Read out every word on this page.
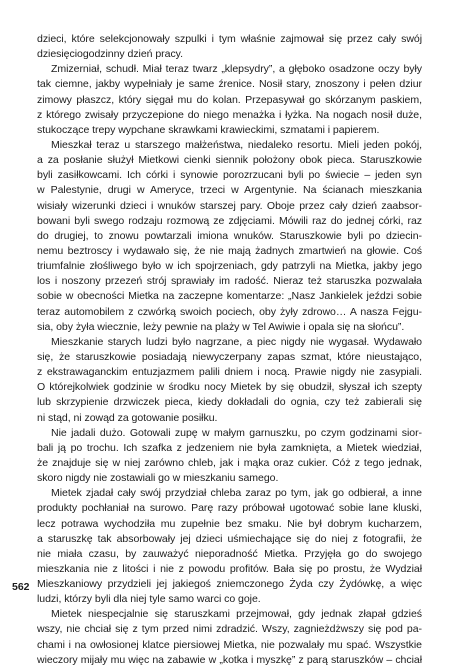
dzieci, które selekcjonowały szpulki i tym właśnie zajmował się przez cały swój
dziesięciogodzinny dzień pracy.
Zmizerniał, schudł. Miał teraz twarz „klepsydry”, a głęboko osadzone oczy były
tak ciemne, jakby wypełniały je same źrenice. Nosił stary, znoszony i pełen dziur
zimowy płaszcz, który sięgał mu do kolan. Przepasywał go skórzanym paskiem,
z którego zwisały przyczepione do niego menażka i łyżka. Na nogach nosił duże,
stukoczące trepy wypchane skrawkami krawieckimi, szmatami i papierem.
Mieszkał teraz u starszego małżeństwa, niedaleko resortu. Mieli jeden pokój,
a za posłanie służył Mietkowi cienki siennik położony obok pieca. Staruszkowie
byli zasiłkowcami. Ich córki i synowie porozrzucani byli po świecie – jeden syn
w Palestynie, drugi w Ameryce, trzeci w Argentynie. Na ścianach mieszkania
wisiały wizerunki dzieci i wnuków starszej pary. Oboje przez cały dzień zaabsor-
bowani byli swego rodzaju rozmową ze zdjęciami. Mówili raz do jednej córki, raz
do drugiej, to znowu powtarzali imiona wnuków. Staruszkowie byli po dziecin-
nemu beztroscy i wydawało się, że nie mają żadnych zmartwień na głowie. Coś
triumfalnie złośliwego było w ich spojrzeniach, gdy patrzyli na Mietka, jakby jego
los i noszony przezeń strój sprawiały im radość. Nieraz też staruszka pozwalała
sobie w obecności Mietka na zaczepne komentarze: „Nasz Jankielek jeździ sobie
teraz automobilem z czwórką swoich pociech, oby żyły zdrowo… A nasza Fejgu-
sia, oby żyła wiecznie, leży pewnie na plaży w Tel Awiwie i opala się na słońcu”.
Mieszkanie starych ludzi było nagrzane, a piec nigdy nie wygasał. Wydawało
się, że staruszkowie posiadają niewyczerpany zapas szmat, które nieustająco,
z ekstrawaganckim entuzjazmem palili dniem i nocą. Prawie nigdy nie zasypiali.
O którejkolwiek godzinie w środku nocy Mietek by się obudził, słyszał ich szepty
lub skrzypienie drzwiczek pieca, kiedy dokładali do ognia, czy też zabierali się
ni stąd, ni zowąd za gotowanie posiłku.
Nie jadali dużo. Gotowali zupę w małym garnuszku, po czym godzinami sior-
bali ją po trochu. Ich szafka z jedzeniem nie była zamknięta, a Mietek wiedział,
że znajduje się w niej zarówno chleb, jak i mąka oraz cukier. Cóż z tego jednak,
skoro nigdy nie zostawiali go w mieszkaniu samego.
Mietek zjadał cały swój przydział chleba zaraz po tym, jak go odbierał, a inne
produkty pochłaniał na surowo. Parę razy próbował ugotować sobie lane kluski,
lecz potrawa wychodziła mu zupełnie bez smaku. Nie był dobrym kucharzem,
a staruszkę tak absorbowały jej dzieci uśmiechające się do niej z fotografii, że
nie miała czasu, by zauważyć nieporadność Mietka. Przyjęła go do swojego
mieszkania nie z litości i nie z powodu profitów. Bała się po prostu, że Wydział
Mieszkaniowy przydzieli jej jakiegoś zniemczonego Żyda czy Żydówkę, a więc
ludzi, którzy byli dla niej tyle samo warci co goje.
Mietek niespecjalnie się staruszkami przejmował, gdy jednak złapał gdzieś
wszy, nie chciał się z tym przed nimi zdradzić. Wszy, zagnieżdżwszy się pod pa-
chami i na owłosionej klatce piersiowej Mietka, nie pozwalały mu spać. Wszystkie
wieczory mijały mu więc na zabawie w „kotka i myszkę” z parą staruszków – chciał
562
